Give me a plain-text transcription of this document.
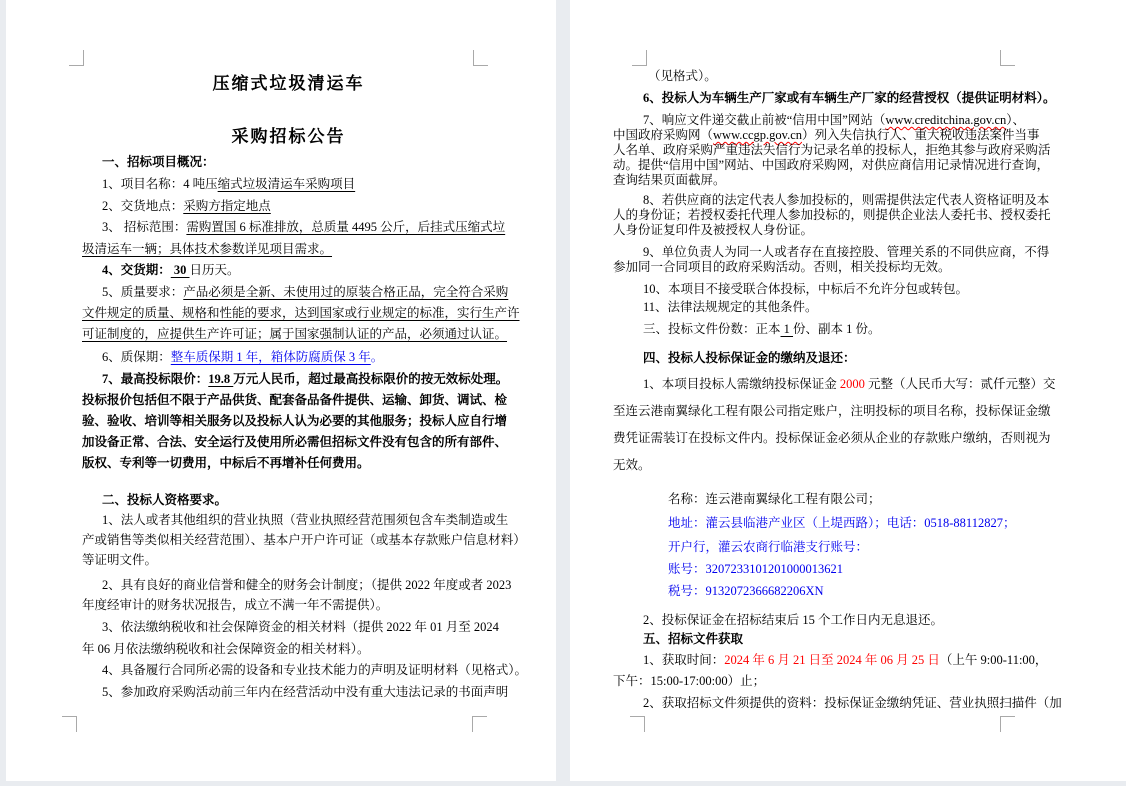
压缩式垃圾清运车
采购招标公告
一、招标项目概况：
1、项目名称：4 吨压缩式垃圾清运车采购项目
2、交货地点：采购方指定地点
3、 招标范围：需购置国 6 标准排放，总质量 4495 公斤，后挂式压缩式垃
圾清运车一辆；具体技术参数详见项目需求。
4、交货期： 30 日历天。
5、质量要求：产品必须是全新、未使用过的原装合格正品，完全符合采购
文件规定的质量、规格和性能的要求，达到国家或行业规定的标准，实行生产许
可证制度的，应提供生产许可证；属于国家强制认证的产品，必须通过认证。
6、质保期：整车质保期 1 年，箱体防腐质保 3 年。
7、最高投标限价：19.8 万元人民币，超过最高投标限价的按无效标处理。
投标报价包括但不限于产品供货、配套备品备件提供、运输、卸货、调试、检
验、验收、培训等相关服务以及投标人认为必要的其他服务；投标人应自行增
加设备正常、合法、安全运行及使用所必需但招标文件没有包含的所有部件、
版权、专利等一切费用，中标后不再增补任何费用。
二、投标人资格要求。
1、法人或者其他组织的营业执照（营业执照经营范围须包含车类制造或生
产或销售等类似相关经营范围）、基本户开户许可证（或基本存款账户信息材料）
等证明文件。
2、具有良好的商业信誉和健全的财务会计制度；（提供 2022 年度或者 2023
年度经审计的财务状况报告，成立不满一年不需提供）。
3、依法缴纳税收和社会保障资金的相关材料（提供 2022 年 01 月至 2024
年 06 月依法缴纳税收和社会保障资金的相关材料）。
4、具备履行合同所必需的设备和专业技术能力的声明及证明材料（见格式）。
5、参加政府采购活动前三年内在经营活动中没有重大违法记录的书面声明
（见格式）。
6、投标人为车辆生产厂家或有车辆生产厂家的经营授权（提供证明材料）。
7、响应文件递交截止前被“信用中国”网站（www.creditchina.gov.cn）、
中国政府采购网（www.ccgp.gov.cn）列入失信执行人、重大税收违法案件当事
人名单、政府采购严重违法失信行为记录名单的投标人，拒绝其参与政府采购活
动。提供“信用中国”网站、中国政府采购网，对供应商信用记录情况进行查询，
查询结果页面截屏。
8、若供应商的法定代表人参加投标的，则需提供法定代表人资格证明及本
人的身份证；若授权委托代理人参加投标的，则提供企业法人委托书、授权委托
人身份证复印件及被授权人身份证。
9、单位负责人为同一人或者存在直接控股、管理关系的不同供应商，不得
参加同一合同项目的政府采购活动。否则，相关投标均无效。
10、本项目不接受联合体投标，中标后不允许分包或转包。
11、法律法规规定的其他条件。
三、投标文件份数：正本 1 份、副本 1 份。
四、投标人投标保证金的缴纳及退还：
1、本项目投标人需缴纳投标保证金 2000 元整（人民币大写：贰仟元整）交
至连云港南翼绿化工程有限公司指定账户，注明投标的项目名称，投标保证金缴
费凭证需装订在投标文件内。投标保证金必须从企业的存款账户缴纳，否则视为
无效。
名称：连云港南翼绿化工程有限公司；
地址：灌云县临港产业区（上堤西路）；电话：0518-88112827；
开户行，灌云农商行临港支行账号：
账号：3207233101201000013621
税号：9132072366682206XN
2、投标保证金在招标结束后 15 个工作日内无息退还。
五、招标文件获取
1、获取时间：2024 年 6 月 21 日至 2024 年 06 月 25 日（上午 9:00-11:00，
下午：15:00-17:00:00）止；
2、获取招标文件须提供的资料：投标保证金缴纳凭证、营业执照扫描件（加
